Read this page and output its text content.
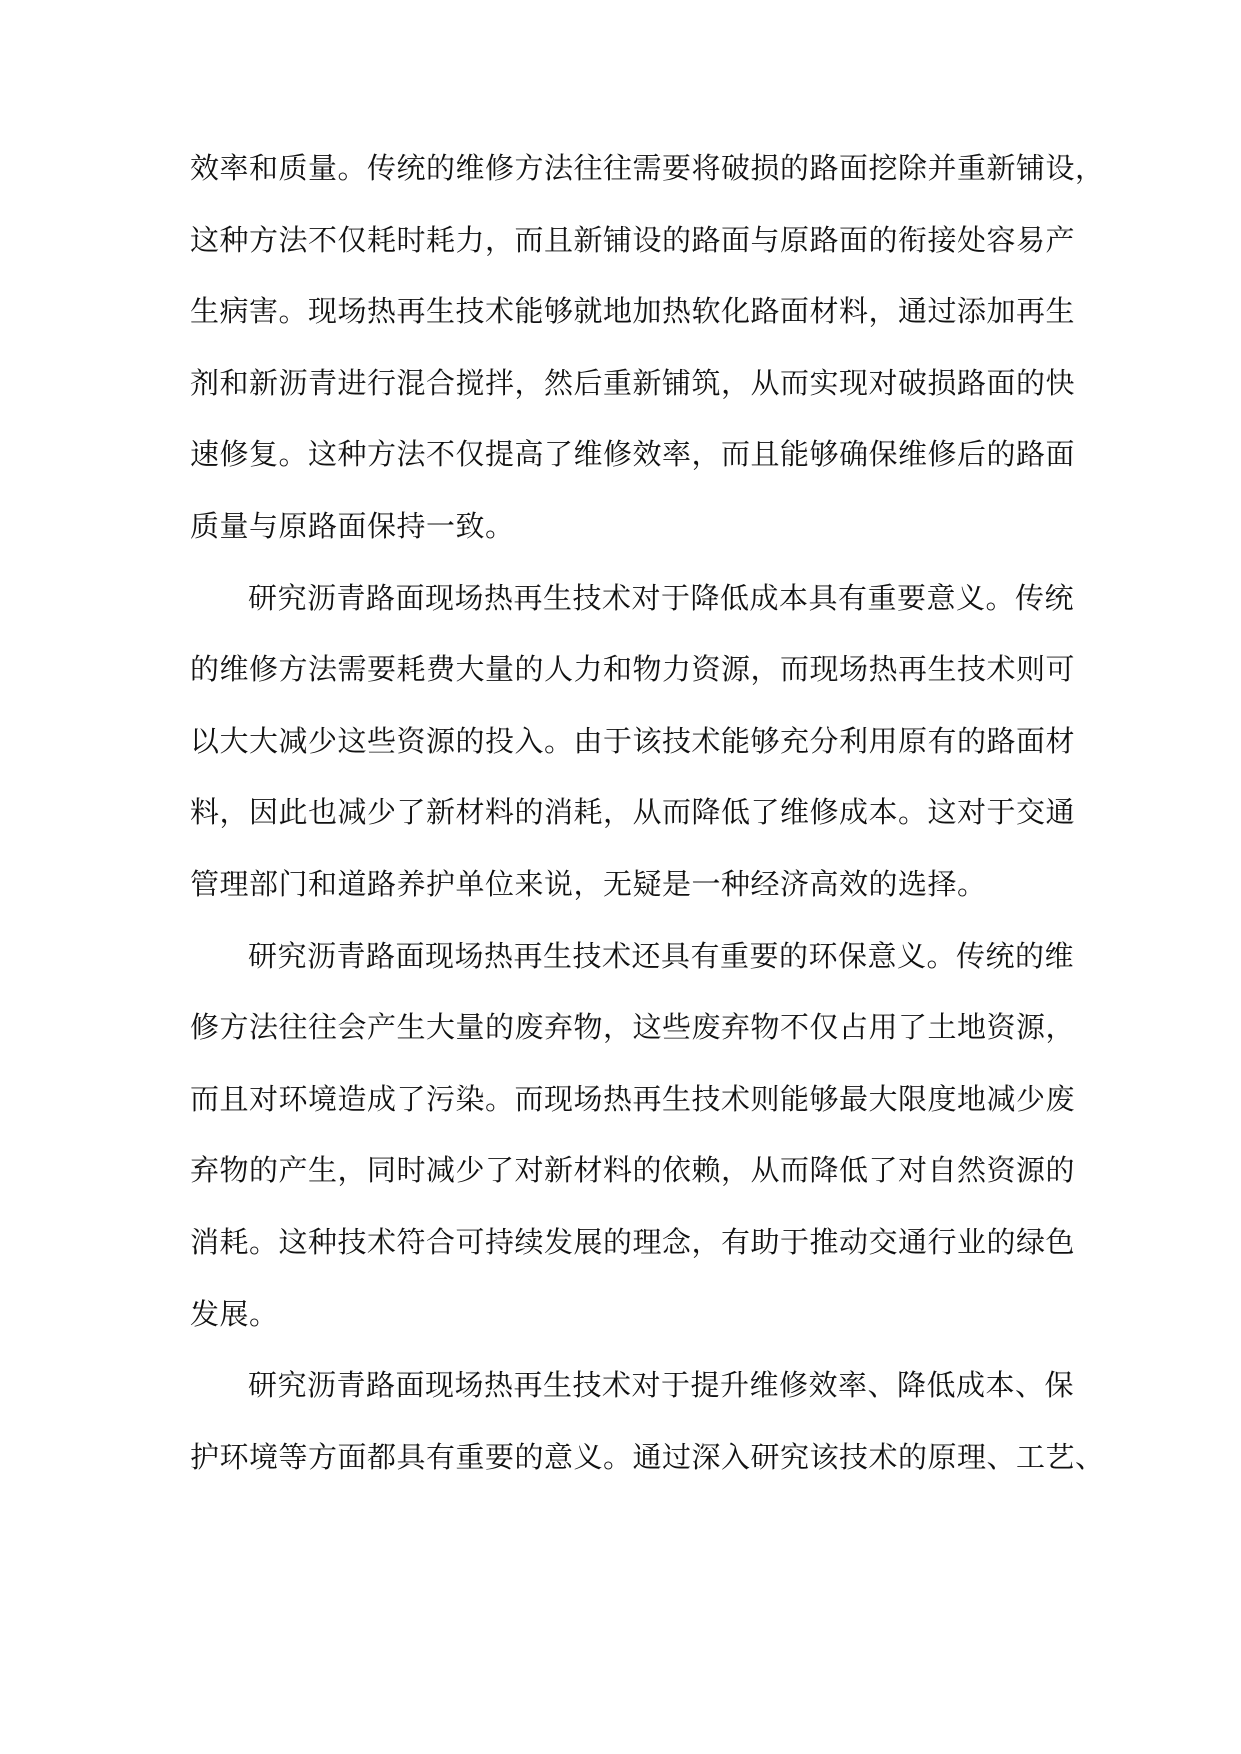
效率和质量。传统的维修方法往往需要将破损的路面挖除并重新铺设，
这种方法不仅耗时耗力，而且新铺设的路面与原路面的衔接处容易产
生病害。现场热再生技术能够就地加热软化路面材料，通过添加再生
剂和新沥青进行混合搅拌，然后重新铺筑，从而实现对破损路面的快
速修复。这种方法不仅提高了维修效率，而且能够确保维修后的路面
质量与原路面保持一致。
研究沥青路面现场热再生技术对于降低成本具有重要意义。传统
的维修方法需要耗费大量的人力和物力资源，而现场热再生技术则可
以大大减少这些资源的投入。由于该技术能够充分利用原有的路面材
料，因此也减少了新材料的消耗，从而降低了维修成本。这对于交通
管理部门和道路养护单位来说，无疑是一种经济高效的选择。
研究沥青路面现场热再生技术还具有重要的环保意义。传统的维
修方法往往会产生大量的废弃物，这些废弃物不仅占用了土地资源，
而且对环境造成了污染。而现场热再生技术则能够最大限度地减少废
弃物的产生，同时减少了对新材料的依赖，从而降低了对自然资源的
消耗。这种技术符合可持续发展的理念，有助于推动交通行业的绿色
发展。
研究沥青路面现场热再生技术对于提升维修效率、降低成本、保
护环境等方面都具有重要的意义。通过深入研究该技术的原理、工艺、
